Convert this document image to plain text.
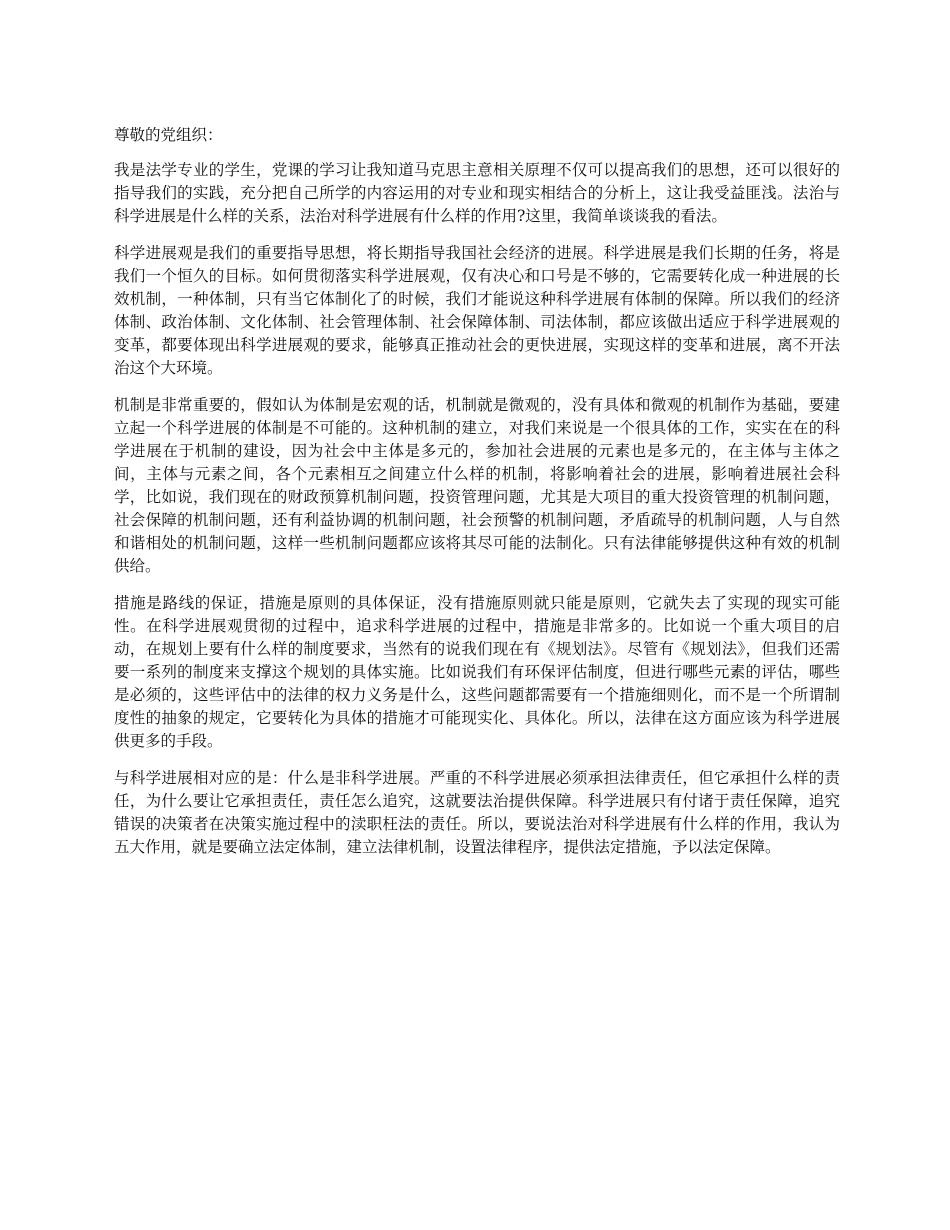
尊敬的党组织：

我是法学专业的学生，党课的学习让我知道马克思主意相关原理不仅可以提高我们的思想，还可以很好的指导我们的实践，充分把自己所学的内容运用的对专业和现实相结合的分析上，这让我受益匪浅。法治与科学进展是什么样的关系，法治对科学进展有什么样的作用?这里，我简单谈谈我的看法。

科学进展观是我们的重要指导思想，将长期指导我国社会经济的进展。科学进展是我们长期的任务，将是我们一个恒久的目标。如何贯彻落实科学进展观，仅有决心和口号是不够的，它需要转化成一种进展的长效机制，一种体制，只有当它体制化了的时候，我们才能说这种科学进展有体制的保障。所以我们的经济体制、政治体制、文化体制、社会管理体制、社会保障体制、司法体制，都应该做出适应于科学进展观的变革，都要体现出科学进展观的要求，能够真正推动社会的更快进展，实现这样的变革和进展，离不开法治这个大环境。

机制是非常重要的，假如认为体制是宏观的话，机制就是微观的，没有具体和微观的机制作为基础，要建立起一个科学进展的体制是不可能的。这种机制的建立，对我们来说是一个很具体的工作，实实在在的科学进展在于机制的建设，因为社会中主体是多元的，参加社会进展的元素也是多元的，在主体与主体之间，主体与元素之间，各个元素相互之间建立什么样的机制，将影响着社会的进展，影响着进展社会科学，比如说，我们现在的财政预算机制问题，投资管理问题，尤其是大项目的重大投资管理的机制问题，社会保障的机制问题，还有利益协调的机制问题，社会预警的机制问题，矛盾疏导的机制问题，人与自然和谐相处的机制问题，这样一些机制问题都应该将其尽可能的法制化。只有法律能够提供这种有效的机制供给。

措施是路线的保证，措施是原则的具体保证，没有措施原则就只能是原则，它就失去了实现的现实可能性。在科学进展观贯彻的过程中，追求科学进展的过程中，措施是非常多的。比如说一个重大项目的启动，在规划上要有什么样的制度要求，当然有的说我们现在有《规划法》。尽管有《规划法》，但我们还需要一系列的制度来支撑这个规划的具体实施。比如说我们有环保评估制度，但进行哪些元素的评估，哪些是必须的，这些评估中的法律的权力义务是什么，这些问题都需要有一个措施细则化，而不是一个所谓制度性的抽象的规定，它要转化为具体的措施才可能现实化、具体化。所以，法律在这方面应该为科学进展供更多的手段。

与科学进展相对应的是：什么是非科学进展。严重的不科学进展必须承担法律责任，但它承担什么样的责任，为什么要让它承担责任，责任怎么追究，这就要法治提供保障。科学进展只有付诸于责任保障，追究错误的决策者在决策实施过程中的渎职枉法的责任。所以，要说法治对科学进展有什么样的作用，我认为五大作用，就是要确立法定体制，建立法律机制，设置法律程序，提供法定措施，予以法定保障。
